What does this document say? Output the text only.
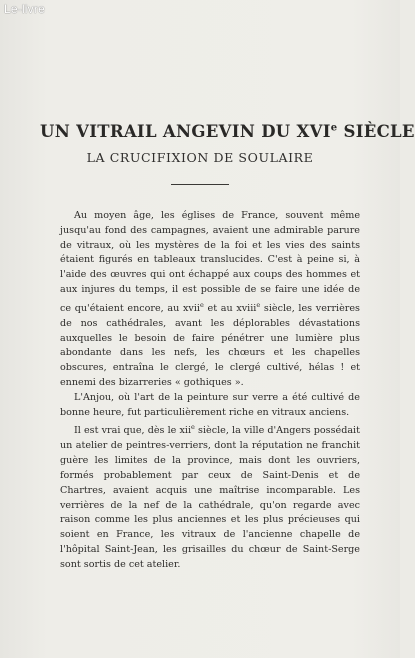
Le-livre
UN VITRAIL ANGEVIN DU XVIe SIÈCLE
LA CRUCIFIXION DE SOULAIRE

Au moyen âge, les églises de France, souvent même jusqu'au fond des campagnes, avaient une admirable parure de vitraux, où les mystères de la foi et les vies des saints étaient figurés en tableaux translucides. C'est à peine si, à l'aide des œuvres qui ont échappé aux coups des hommes et aux injures du temps, il est possible de se faire une idée de ce qu'étaient encore, au xvii$^e$ et au xviii$^e$ siècle, les verrières de nos cathédrales, avant les déplorables dévastations auxquelles le besoin de faire pénétrer une lumière plus abondante dans les nefs, les chœurs et les chapelles obscures, entraîna le clergé, le clergé cultivé, hélas ! et ennemi des bizarreries « gothiques ».

L'Anjou, où l'art de la peinture sur verre a été cultivé de bonne heure, fut particulièrement riche en vitraux anciens.

Il est vrai que, dès le xii$^e$ siècle, la ville d'Angers possédait un atelier de peintres-verriers, dont la réputation ne franchit guère les limites de la province, mais dont les ouvriers, formés probablement par ceux de Saint-Denis et de Chartres, avaient acquis une maîtrise incomparable. Les verrières de la nef de la cathédrale, qu'on regarde avec raison comme les plus anciennes et les plus précieuses qui soient en France, les vitraux de l'ancienne chapelle de l'hôpital Saint-Jean, les grisailles du chœur de Saint-Serge sont sortis de cet atelier.
